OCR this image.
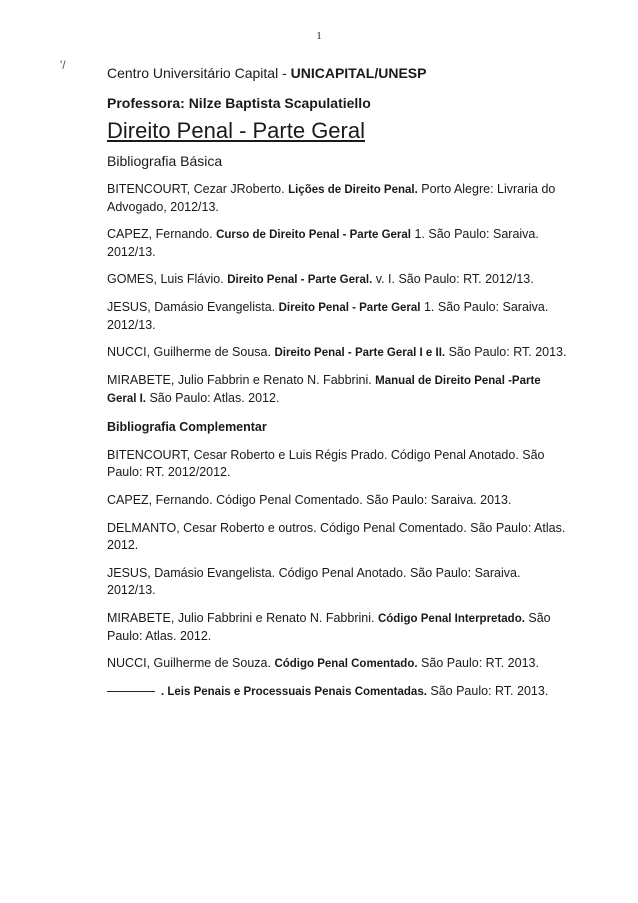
1
'/	Centro Universitário Capital - UNICAPITAL/UNESP

Professora: Nilze Baptista Scapulatiello

Direito Penal - Parte Geral

Bibliografia Básica

BITENCOURT, Cezar JRoberto. Lições de Direito Penal. Porto Alegre: Livraria do Advogado, 2012/13.

CAPEZ, Fernando. Curso de Direito Penal - Parte Geral 1. São Paulo: Saraiva. 2012/13.

GOMES, Luis Flávio. Direito Penal - Parte Geral. v. I. São Paulo: RT. 2012/13.

JESUS, Damásio Evangelista. Direito Penal - Parte Geral 1. São Paulo: Saraiva. 2012/13.

NUCCI, Guilherme de Sousa. Direito Penal - Parte Geral I e II. São Paulo: RT. 2013.

MIRABETE, Julio Fabbrin e Renato N. Fabbrini. Manual de Direito Penal -Parte Geral I. São Paulo: Atlas. 2012.

Bibliografia Complementar

BITENCOURT, Cesar Roberto e Luis Régis Prado. Código Penal Anotado. São Paulo: RT. 2012/2012.

CAPEZ, Fernando. Código Penal Comentado. São Paulo: Saraiva. 2013.

DELMANTO, Cesar Roberto e outros. Código Penal Comentado. São Paulo: Atlas. 2012.

JESUS, Damásio Evangelista. Código Penal Anotado. São Paulo: Saraiva. 2012/13.

MIRABETE, Julio Fabbrini e Renato N. Fabbrini. Código Penal Interpretado. São Paulo: Atlas. 2012.

NUCCI, Guilherme de Souza. Código Penal Comentado. São Paulo: RT. 2013.

. Leis Penais e Processuais Penais Comentadas. São Paulo: RT. 2013.
